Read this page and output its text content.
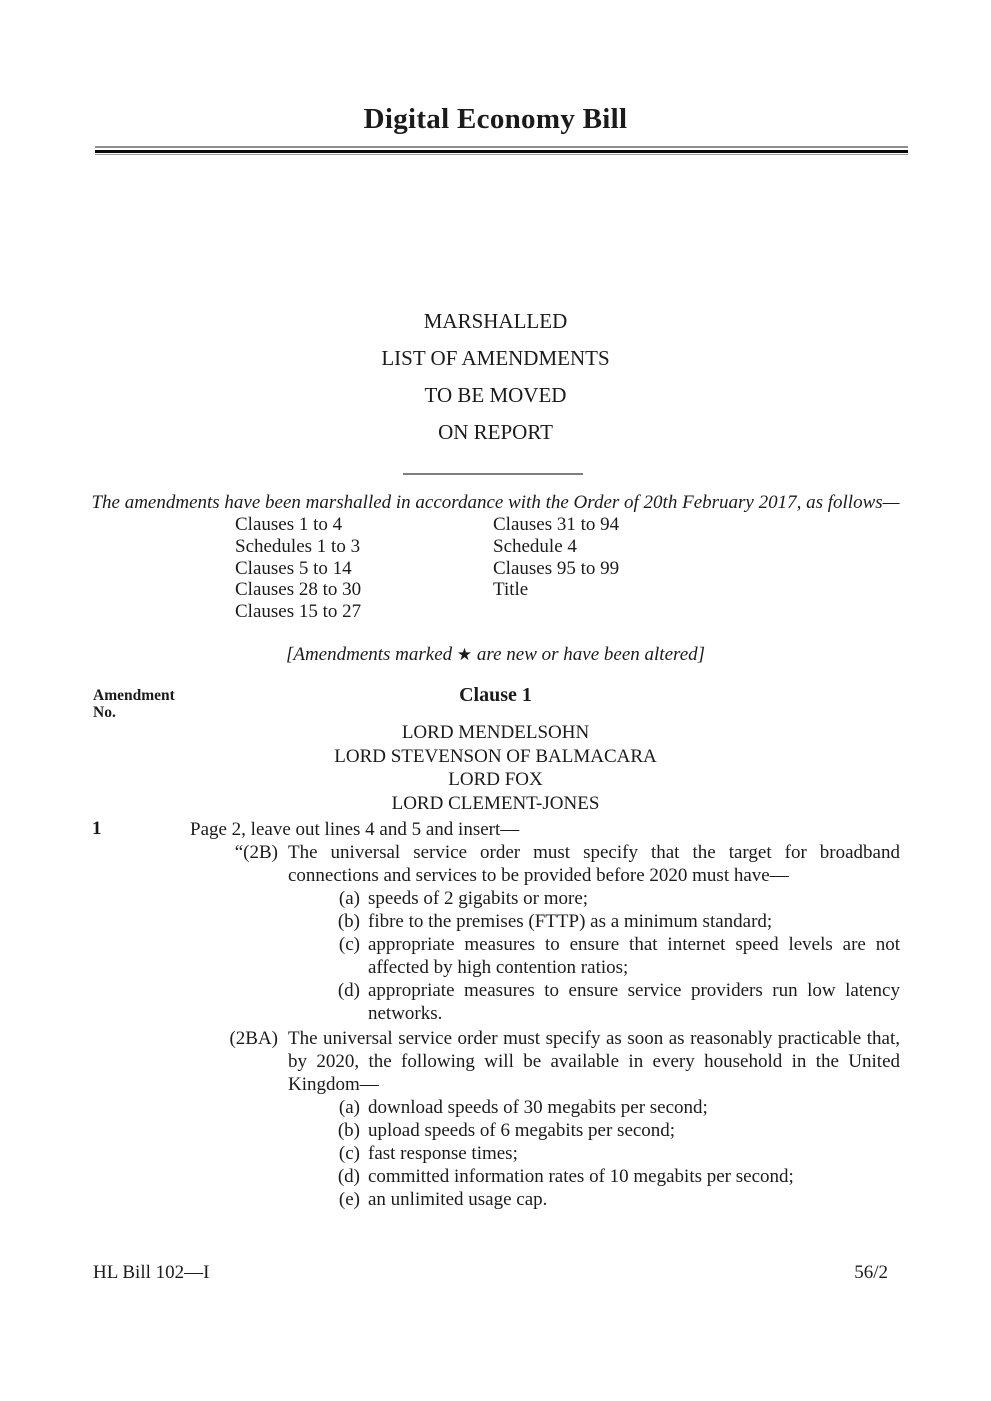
Digital Economy Bill
MARSHALLED
LIST OF AMENDMENTS
TO BE MOVED
ON REPORT
The amendments have been marshalled in accordance with the Order of 20th February 2017, as follows—
Clauses 1 to 4
Schedules 1 to 3
Clauses 5 to 14
Clauses 28 to 30
Clauses 15 to 27
Clauses 31 to 94
Schedule 4
Clauses 95 to 99
Title
[Amendments marked ★ are new or have been altered]
Amendment
No.
Clause 1
LORD MENDELSOHN
LORD STEVENSON OF BALMACARA
LORD FOX
LORD CLEMENT-JONES
1	Page 2, leave out lines 4 and 5 and insert—
“(2B) The universal service order must specify that the target for broadband connections and services to be provided before 2020 must have—
(a) speeds of 2 gigabits or more;
(b) fibre to the premises (FTTP) as a minimum standard;
(c) appropriate measures to ensure that internet speed levels are not affected by high contention ratios;
(d) appropriate measures to ensure service providers run low latency networks.
(2BA) The universal service order must specify as soon as reasonably practicable that, by 2020, the following will be available in every household in the United Kingdom—
(a) download speeds of 30 megabits per second;
(b) upload speeds of 6 megabits per second;
(c) fast response times;
(d) committed information rates of 10 megabits per second;
(e) an unlimited usage cap.
HL Bill 102—I	56/2
